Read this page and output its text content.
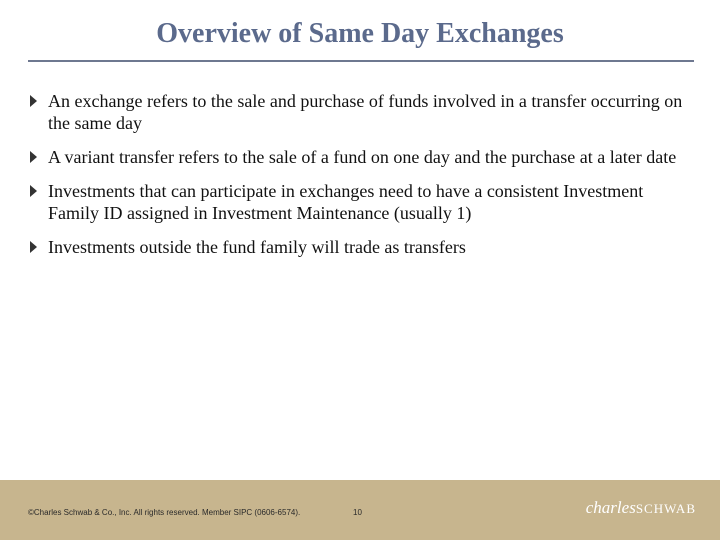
Overview of Same Day Exchanges
An exchange refers to the sale and purchase of funds involved in a transfer occurring on the same day
A variant transfer refers to the sale of a fund on one day and the purchase at a later date
Investments that can participate in exchanges need to have a consistent Investment Family ID assigned in Investment Maintenance (usually 1)
Investments outside the fund family will trade as transfers
©Charles Schwab & Co., Inc. All rights reserved. Member SIPC (0606-6574).	10	charlesSCHWAB
